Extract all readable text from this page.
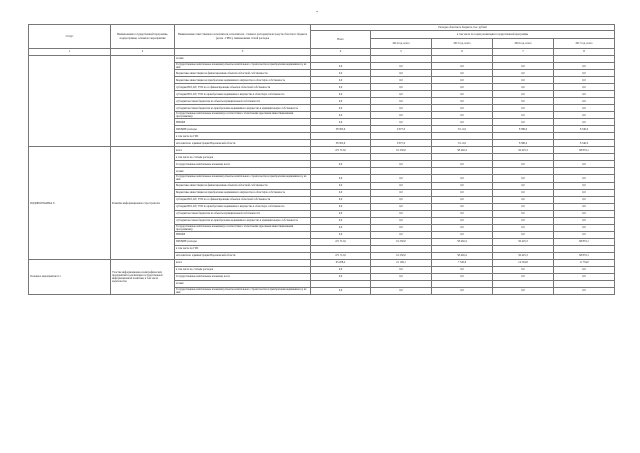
-
Статус	Наименование государственной программы, подпрограммы, основного мероприятия	Наименование ответственного исполнителя, исполнителя - главного распорядителя средств областного бюджета (далее - ГРБС), наименование статей расходов	Расходы областного бюджета, тыс. рублей				
			Всего	в том числе по годам реализации государственной программы			
				2014 год, всего	2015 год, всего	2016 год, всего	2017 год, всего
1	2	3	4	5	6	7	8
		из них:					
		Государственные капитальные вложения (объекты капитального строительства и приобретения недвижимого), из них:	0,0	0,0	0,0	0,0	0,0
		Бюджетные инвестиции на финансирование объектов областной собственности	0,0	0,0	0,0	0,0	0,0
		Бюджетные инвестиции на приобретение недвижимого имущества в областную собственность	0,0	0,0	0,0	0,0	0,0
		субсидии ЮЛ, КУ, ГУП на со финансирование объектов областной собственности	0,0	0,0	0,0	0,0	0,0
		субсидии ЮЛ, КУ, ГУП на приобретение недвижимого имущества в областную собственность	0,0	0,0	0,0	0,0	0,0
		субсидии местным бюджетам на объекты муниципальной собственности	0,0	0,0	0,0	0,0	0,0
		субсидии местным бюджетам на приобретение недвижимого имущества в муниципальную собственность	0,0	0,0	0,0	0,0	0,0
		Государственные капитальные вложения (в соответствии с областными адресными инвестиционными программами)	0,0	0,0	0,0	0,0	0,0
		НИОКР	0,0	0,0	0,0	0,0	0,0
		ПРОЧИЕ расходы	38 303,9	9 677,0	8 111,0	8 380,0	8 340,0
		в том числе по ГИС					
		исполнитель: администрация Воронежской области	38 303,9	9 677,0	8 111,0	8 380,0	8 340,0
ПОДПРОГРАММА 6	Развитие информационного пространства	всего	471 712,0	61 250,0	58 492,4	56 425,3	68 853,1
		в том числе по статьям расходов					
		Государственные капитальные вложения, всего	0,0	0,0	0,0	0,0	0,0
		из них:					
		Государственные капитальные вложения (объекты капитального строительства и приобретения недвижимого), из них:	0,0	0,0	0,0	0,0	0,0
		Бюджетные инвестиции на финансирование объектов областной собственности	0,0	0,0	0,0	0,0	0,0
		Бюджетные инвестиции на приобретение недвижимого имущества в областную собственность	0,0	0,0	0,0	0,0	0,0
		субсидии ЮЛ, КУ, ГУП на со финансирование объектов областной собственности	0,0	0,0	0,0	0,0	0,0
		субсидии ЮЛ, КУ, ГУП на приобретение недвижимого имущества в областную собственность	0,0	0,0	0,0	0,0	0,0
		субсидии местным бюджетам на объекты муниципальной собственности	0,0	0,0	0,0	0,0	0,0
		субсидии местным бюджетам на приобретение недвижимого имущества в муниципальную собственность	0,0	0,0	0,0	0,0	0,0
		Государственные капитальные вложения (в соответствии с областными адресными инвестиционными программами)	0,0	0,0	0,0	0,0	0,0
		НИОКР	0,0	0,0	0,0	0,0	0,0
		ПРОЧИЕ расходы	471 712,0	61 250,0	58 492,4	56 425,3	68 853,1
		в том числе по ГИС					
		исполнитель: администрация Воронежской области	471 712,0	61 250,0	58 492,4	56 425,3	68 853,1
Основное мероприятие 6.1	Участие информационно-полиграфических предприятий в реализации государственной информационной политики, в том числе издательства	всего	65 208,2	21 199,1	7 545,6	14 594,8	11 734,0
		в том числе по статьям расходов	0,0	0,0	0,0	0,0	0,0
		Государственные капитальные вложения, всего	0,0	0,0	0,0	0,0	0,0
		из них:					
		Государственные капитальные вложения (объекты капитального строительства и приобретения недвижимого), из них:	0,0	0,0	0,0	0,0	0,0
